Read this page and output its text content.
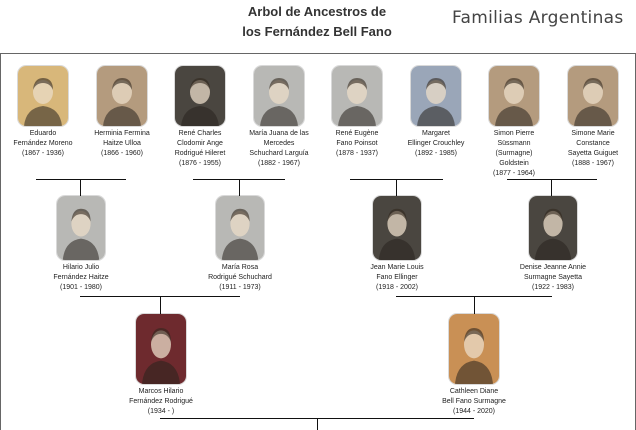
Arbol de Ancestros de
los Fernández Bell Fano
Familias Argentinas
Eduardo
Fernández Moreno
(1867 - 1936)
Herminia Fermina
Haitze Ulloa
(1866 - 1960)
René Charles
Clodomir Ange
Rodrigué Hileret
(1876 - 1955)
María Juana de las
Mercedes
Schuchard Larguía
(1882 - 1967)
René Eugène
Fano Poinsot
(1878 - 1937)
Margaret
Ellinger Crouchley
(1892 - 1985)
Simon Pierre
Süssmann
(Surmagne)
Goldstein
(1877 - 1964)
Simone Marie
Constance
Sayetta Guiguet
(1888 - 1967)
Hilario Julio
Fernández Haitze
(1901 - 1980)
María Rosa
Rodrigué Schuchard
(1911 - 1973)
Jean Marie Louis
Fano Ellinger
(1918 - 2002)
Denise Jeanne Annie
Surmagne Sayetta
(1922 - 1983)
Marcos Hilario
Fernández Rodrigué
(1934 - )
Cathleen Diane
Bell Fano Surmagne
(1944 - 2020)
